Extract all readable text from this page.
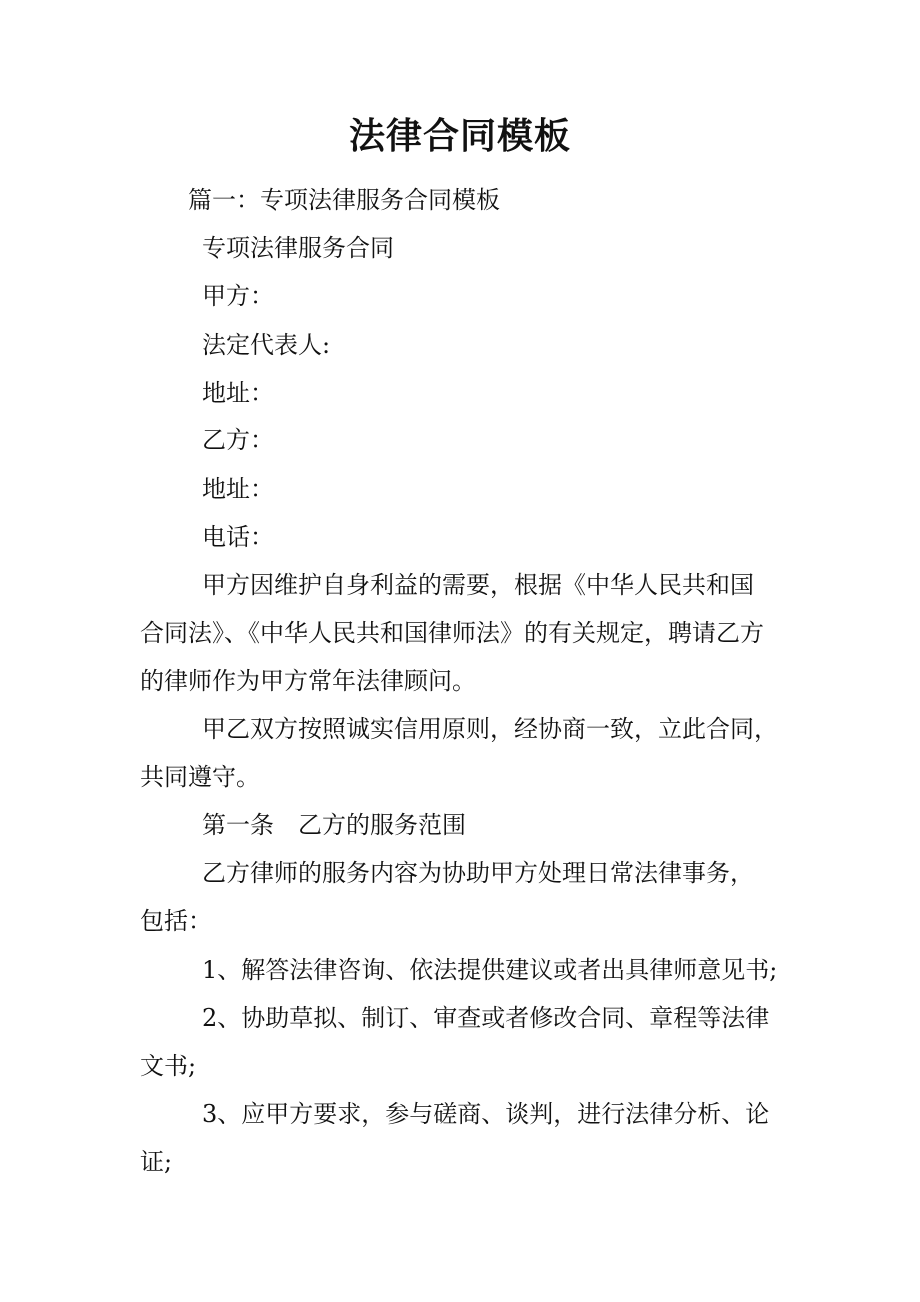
法律合同模板
篇一：专项法律服务合同模板
专项法律服务合同
甲方：
法定代表人:
地址：
乙方：
地址：
电话：
甲方因维护自身利益的需要，根据《中华人民共和国
合同法》、《中华人民共和国律师法》的有关规定，聘请乙方
的律师作为甲方常年法律顾问。
甲乙双方按照诚实信用原则，经协商一致，立此合同，
共同遵守。
第一条　乙方的服务范围
乙方律师的服务内容为协助甲方处理日常法律事务，
包括：
1、解答法律咨询、依法提供建议或者出具律师意见书;
2、协助草拟、制订、审查或者修改合同、章程等法律
文书;
3、应甲方要求，参与磋商、谈判，进行法律分析、论
证;
